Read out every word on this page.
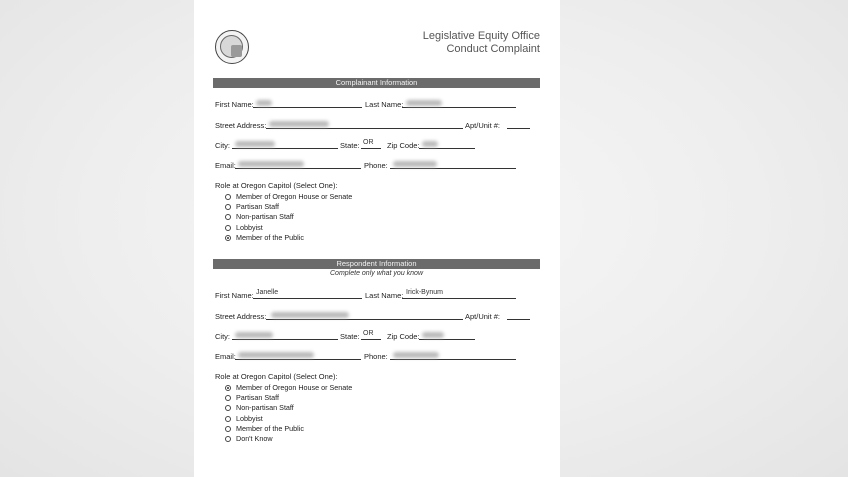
Legislative Equity Office
Conduct Complaint
Complainant Information
First Name:	Last Name:
Street Address:	Apt/Unit #:
City:	State: OR Zip Code:
Email:	Phone:
Role at Oregon Capitol (Select One):
Member of Oregon House or Senate
Partisan Staff
Non-partisan Staff
Lobbyist
Member of the Public
Respondent Information
Complete only what you know
First Name: Janelle	Last Name: Irick-Bynum
Street Address:	Apt/Unit #:
City:	State: OR Zip Code:
Email:	Phone:
Role at Oregon Capitol (Select One):
Member of Oregon House or Senate
Partisan Staff
Non-partisan Staff
Lobbyist
Member of the Public
Don't Know
